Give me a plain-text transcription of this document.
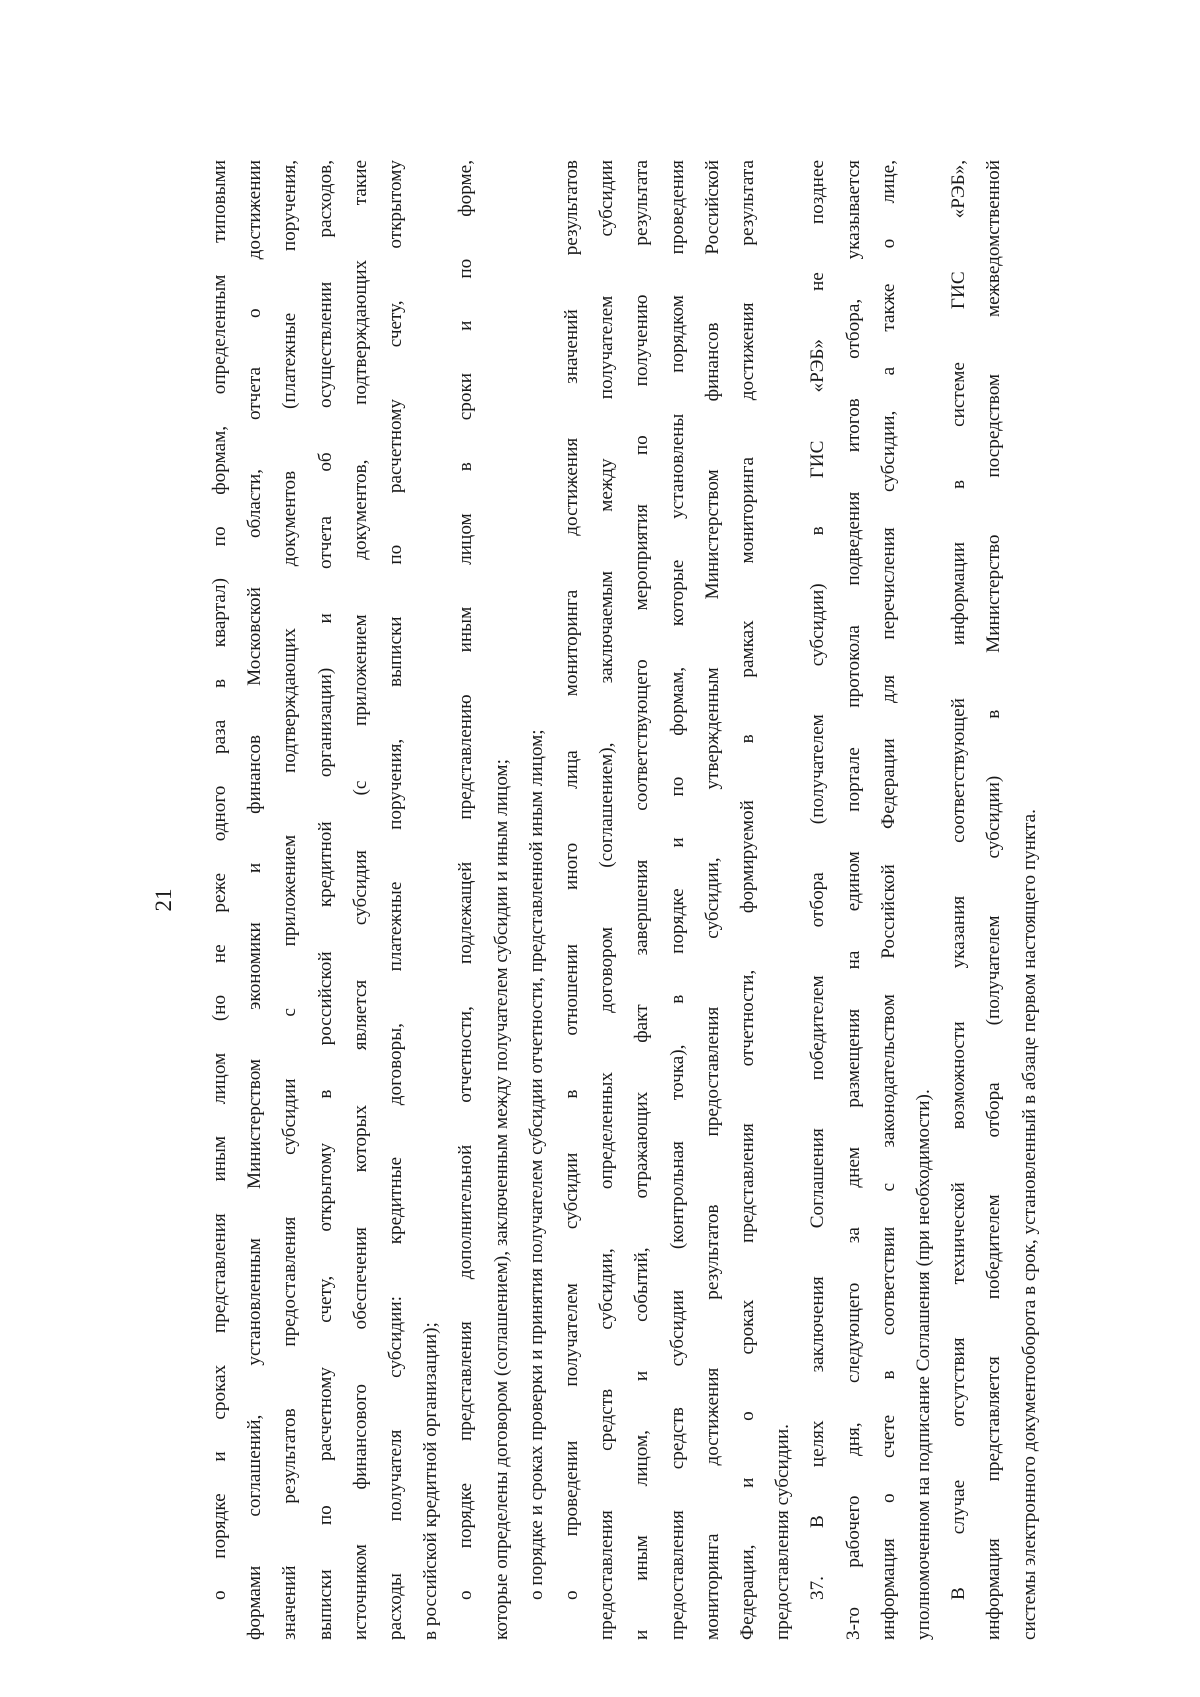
21	о порядке и сроках представления иным лицом (но не реже одного раза в квартал) по формам, определенным типовыми формами соглашений, установленным Министерством экономики и финансов Московской области, отчета о достижении значений результатов предоставления субсидии с приложением подтверждающих документов (платежные поручения, выписки по расчетному счету, открытому в российской кредитной организации) и отчета об осуществлении расходов, источником финансового обеспечения которых является субсидия (с приложением документов, подтверждающих такие расходы получателя субсидии: кредитные договоры, платежные поручения, выписки по расчетному счету, открытому в российской кредитной организации); о порядке представления дополнительной отчетности, подлежащей представлению иным лицом в сроки и по форме, которые определены договором (соглашением), заключенным между получателем субсидии и иным лицом; о порядке и сроках проверки и принятия получателем субсидии отчетности, представленной иным лицом; о проведении получателем субсидии в отношении иного лица мониторинга достижения значений результатов предоставления средств субсидии, определенных договором (соглашением), заключаемым между получателем субсидии и иным лицом, и событий, отражающих факт завершения соответствующего мероприятия по получению результата предоставления средств субсидии (контрольная точка), в порядке и по формам, которые установлены порядком проведения мониторинга достижения результатов предоставления субсидии, утвержденным Министерством финансов Российской Федерации, и о сроках представления отчетности, формируемой в рамках мониторинга достижения результата предоставления субсидии. 37. В целях заключения Соглашения победителем отбора (получателем субсидии) в ГИС «РЭБ» не позднее 3-го рабочего дня, следующего за днем размещения на едином портале протокола подведения итогов отбора, указывается информация о счете в соответствии с законодательством Российской Федерации для перечисления субсидии, а также о лице, уполномоченном на подписание Соглашения (при необходимости). В случае отсутствия технической возможности указания соответствующей информации в системе ГИС «РЭБ», информация представляется победителем отбора (получателем субсидии) в Министерство посредством межведомственной системы электронного документооборота в срок, установленный в абзаце первом настоящего пункта.
